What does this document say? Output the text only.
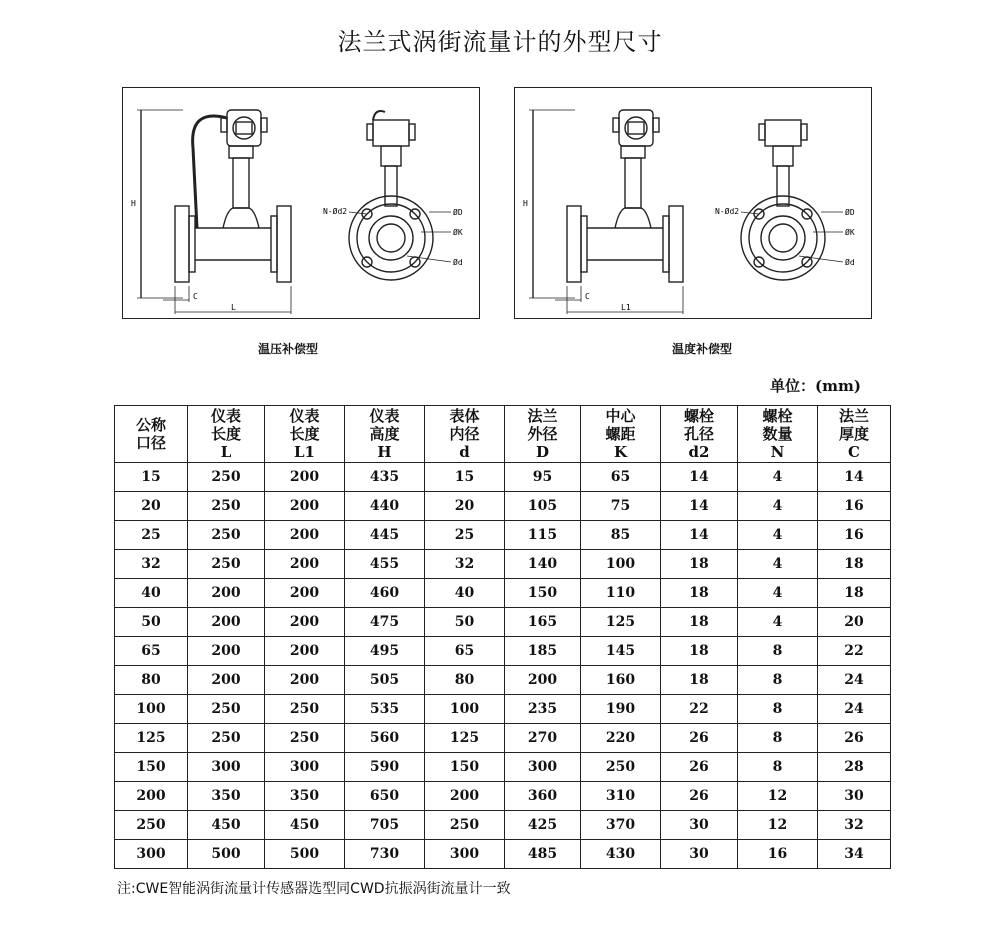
法兰式涡街流量计的外型尺寸
H
C
L
N-Ød2	ØD
ØK
Ød
温压补偿型
H
C
L1
N-Ød2	ØD
ØK
Ød
温度补偿型
单位：(mm)
公称
口径	仪表
长度
L	仪表
长度
L1	仪表
高度
H	表体
内径
d	法兰
外径
D	中心
螺距
K	螺栓
孔径
d2	螺栓
数量
N	法兰
厚度
C

15	250	200	435	15	95	65	14	4	14
20	250	200	440	20	105	75	14	4	16
25	250	200	445	25	115	85	14	4	16
32	250	200	455	32	140	100	18	4	18
40	200	200	460	40	150	110	18	4	18
50	200	200	475	50	165	125	18	4	20
65	200	200	495	65	185	145	18	8	22
80	200	200	505	80	200	160	18	8	24
100	250	250	535	100	235	190	22	8	24
125	250	250	560	125	270	220	26	8	26
150	300	300	590	150	300	250	26	8	28
200	350	350	650	200	360	310	26	12	30
250	450	450	705	250	425	370	30	12	32
300	500	500	730	300	485	430	30	16	34
注:CWE智能涡街流量计传感器选型同CWD抗振涡街流量计一致
